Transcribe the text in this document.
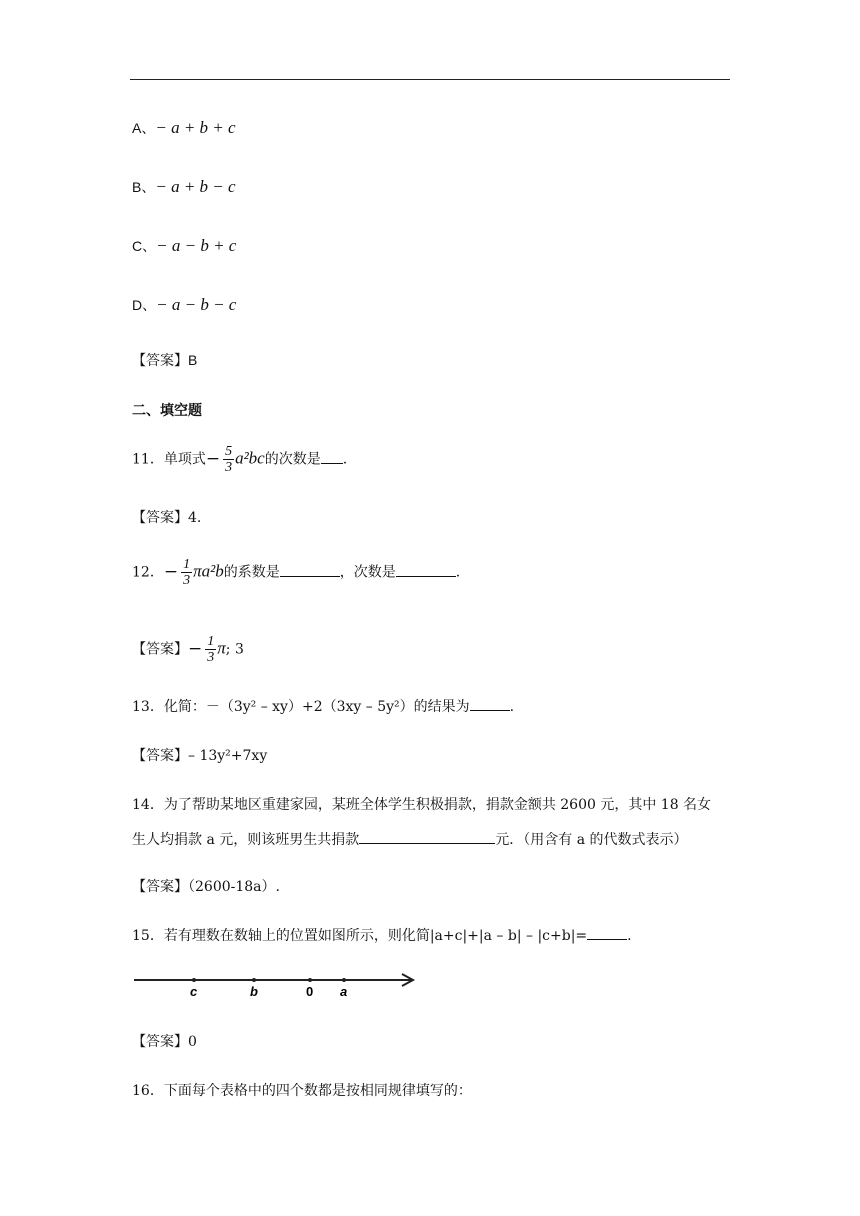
A、− a + b + c
B、− a + b − c
C、− a − b + c
D、− a − b − c
【答案】B
二、填空题
11．单项式− $\frac{5}{3} a^2bc$的次数是 .
【答案】4.
12．− $\frac{1}{3} \pi a^2b$的系数是	，次数是	.
【答案】− $\frac{1}{3} \pi$; 3
13．化简：－（3y² – xy）+2（3xy – 5y²）的结果为	.
【答案】– 13y²+7xy
14．为了帮助某地区重建家园，某班全体学生积极捐款，捐款金额共 2600 元，其中 18 名女
生人均捐款 a 元，则该班男生共捐款	元．（用含有 a 的代数式表示）
【答案】（2600-18a）.
15．若有理数在数轴上的位置如图所示，则化简|a+c|+|a – b| – |c+b|=	.
c	b	0 a
【答案】0
16．下面每个表格中的四个数都是按相同规律填写的：
